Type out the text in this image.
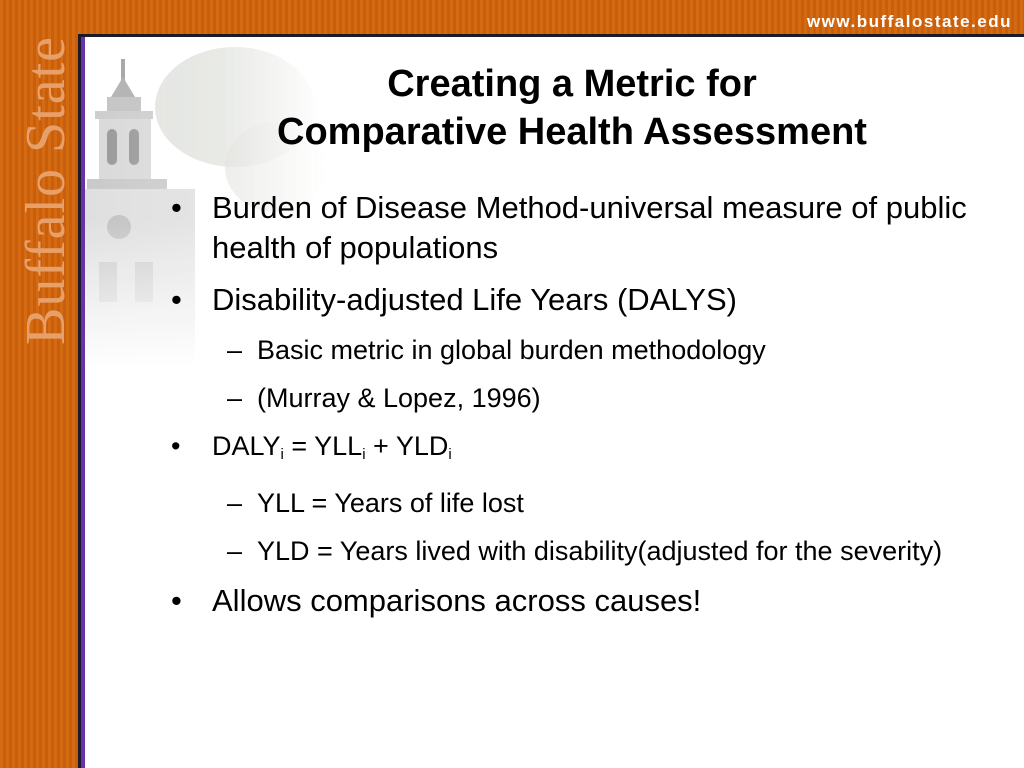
www.buffalostate.edu
Buffalo State	Creating a Metric for
Comparative Health Assessment
• Burden of Disease Method-universal measure of public health of populations
• Disability-adjusted Life Years (DALYS)
– Basic metric in global burden methodology
– (Murray & Lopez, 1996)
• $DALY_i = YLL_i + YLD_i$
– YLL = Years of life lost
– YLD = Years lived with disability(adjusted for the severity)
• Allows comparisons across causes!
